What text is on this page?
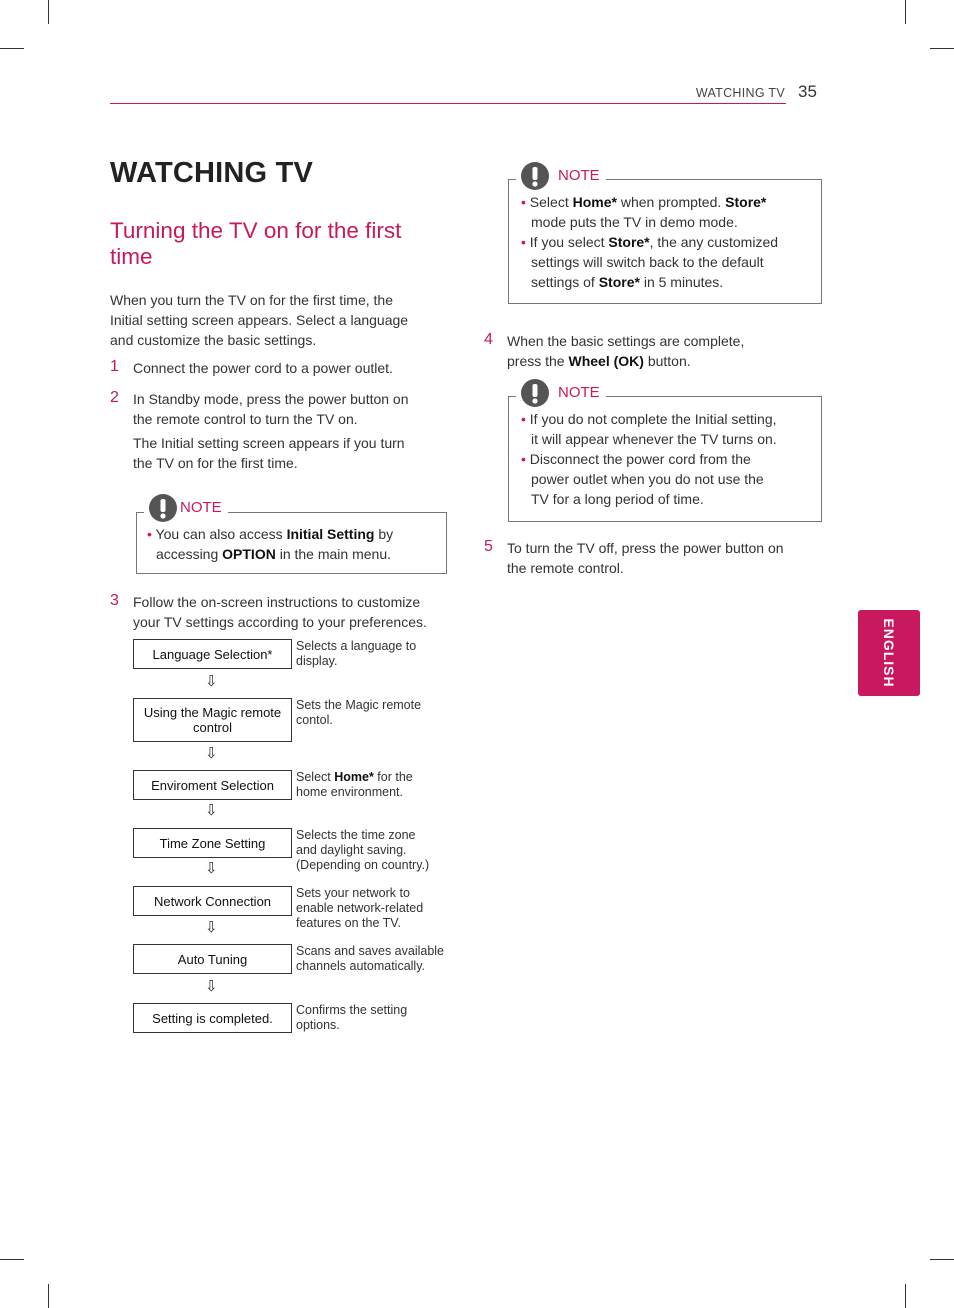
WATCHING TV 35
WATCHING TV
Turning the TV on for the first
time
When you turn the TV on for the first time, the
Initial setting screen appears. Select a language
and customize the basic settings.
1 Connect the power cord to a power outlet.
2 In Standby mode, press the power button on
the remote control to turn the TV on.
The Initial setting screen appears if you turn
the TV on for the first time.
NOTE
• You can also access Initial Setting by
accessing OPTION in the main menu.
3 Follow the on-screen instructions to customize
your TV settings according to your preferences.
Language Selection*
Selects a language to
display.
⇩
Using the Magic remote
control
Sets the Magic remote
contol.
⇩
Enviroment Selection
Select Home* for the
home environment.
⇩
Time Zone Setting
Selects the time zone
and daylight saving.
(Depending on country.)
⇩
Network Connection
Sets your network to
enable network-related
features on the TV.
⇩
Auto Tuning
Scans and saves available
channels automatically.
⇩
Setting is completed.
Confirms the setting
options.
NOTE
• Select Home* when prompted. Store*
mode puts the TV in demo mode.
• If you select Store*, the any customized
settings will switch back to the default
settings of Store* in 5 minutes.
4 When the basic settings are complete,
press the Wheel (OK) button.
NOTE
• If you do not complete the Initial setting,
it will appear whenever the TV turns on.
• Disconnect the power cord from the
power outlet when you do not use the
TV for a long period of time.
5 To turn the TV off, press the power button on
the remote control.
ENGLISH
